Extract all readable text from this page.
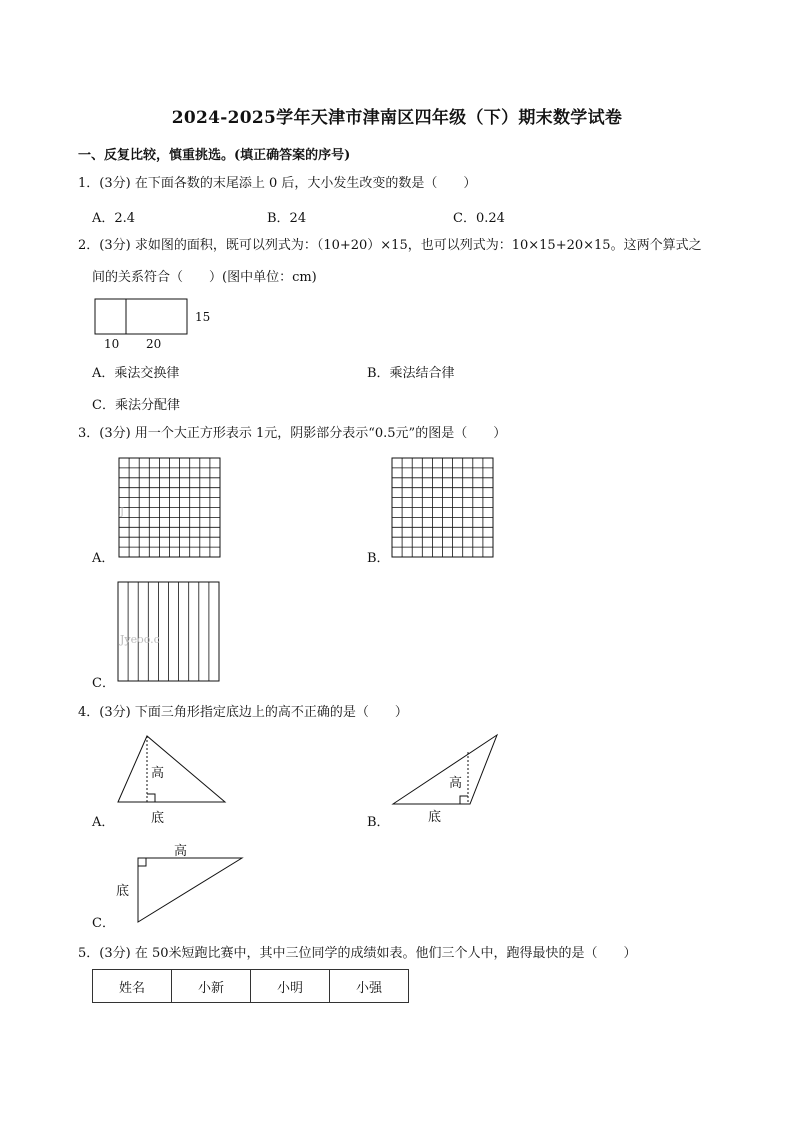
2024-2025学年天津市津南区四年级（下）期末数学试卷
一、反复比较，慎重挑选。(填正确答案的序号)
1．(3分) 在下面各数的末尾添上 0 后，大小发生改变的数是（　　）
A．2.4	B．24	C．0.24
2．(3分) 求如图的面积，既可以列式为：（10+20）×15，也可以列式为：10×15+20×15。这两个算式之
间的关系符合（　　）(图中单位：cm)
10 20
15
A．乘法交换律	B．乘法结合律
C．乘法分配律
3．(3分) 用一个大正方形表示 1元，阴影部分表示“0.5元”的图是（　　）
J
A．	B．
Jyeoo.c
C．
4．(3分) 下面三角形指定底边上的高不正确的是（　　）
高
底
A．
高
底
B．
高
底
C．
5．(3分) 在 50米短跑比赛中，其中三位同学的成绩如表。他们三个人中，跑得最快的是（　　）
姓名	小新	小明	小强
